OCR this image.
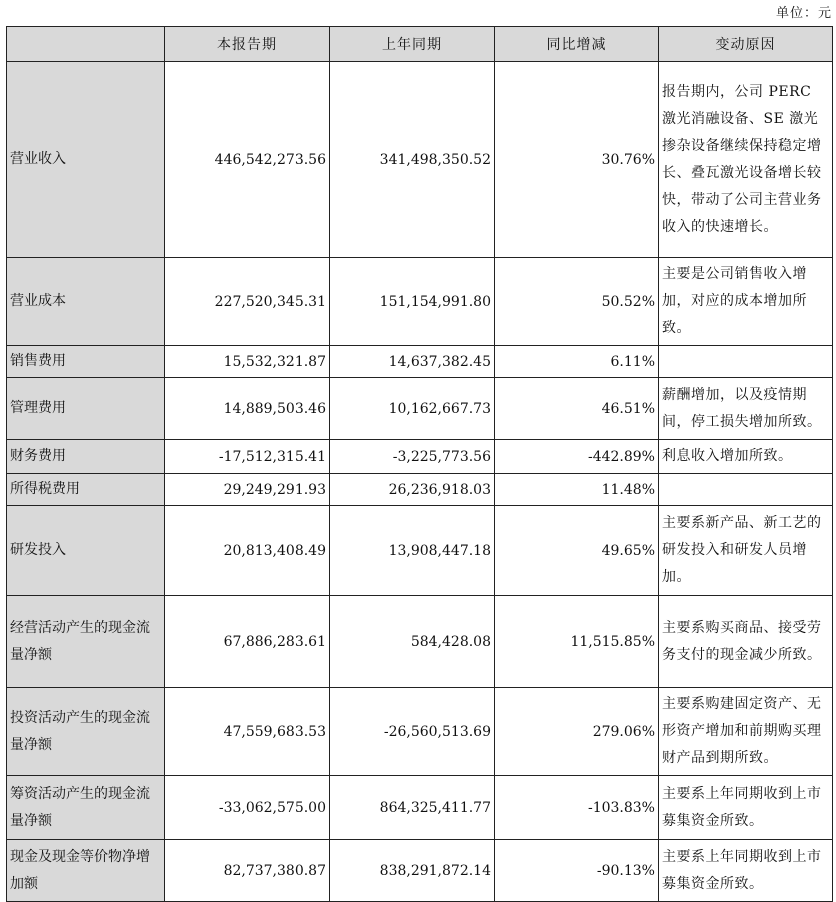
单位：元
	本报告期	上年同期	同比增减	变动原因
营业收入	446,542,273.56	341,498,350.52	30.76%	报告期内，公司 PERC 激光消融设备、SE 激光掺杂设备继续保持稳定增长、叠瓦激光设备增长较快，带动了公司主营业务收入的快速增长。
营业成本	227,520,345.31	151,154,991.80	50.52%	主要是公司销售收入增加，对应的成本增加所致。
销售费用	15,532,321.87	14,637,382.45	6.11%	
管理费用	14,889,503.46	10,162,667.73	46.51%	薪酬增加，以及疫情期间，停工损失增加所致。
财务费用	-17,512,315.41	-3,225,773.56	-442.89%	利息收入增加所致。
所得税费用	29,249,291.93	26,236,918.03	11.48%	
研发投入	20,813,408.49	13,908,447.18	49.65%	主要系新产品、新工艺的研发投入和研发人员增加。
经营活动产生的现金流量净额	67,886,283.61	584,428.08	11,515.85%	主要系购买商品、接受劳务支付的现金减少所致。
投资活动产生的现金流量净额	47,559,683.53	-26,560,513.69	279.06%	主要系购建固定资产、无形资产增加和前期购买理财产品到期所致。
筹资活动产生的现金流量净额	-33,062,575.00	864,325,411.77	-103.83%	主要系上年同期收到上市募集资金所致。
现金及现金等价物净增加额	82,737,380.87	838,291,872.14	-90.13%	主要系上年同期收到上市募集资金所致。
